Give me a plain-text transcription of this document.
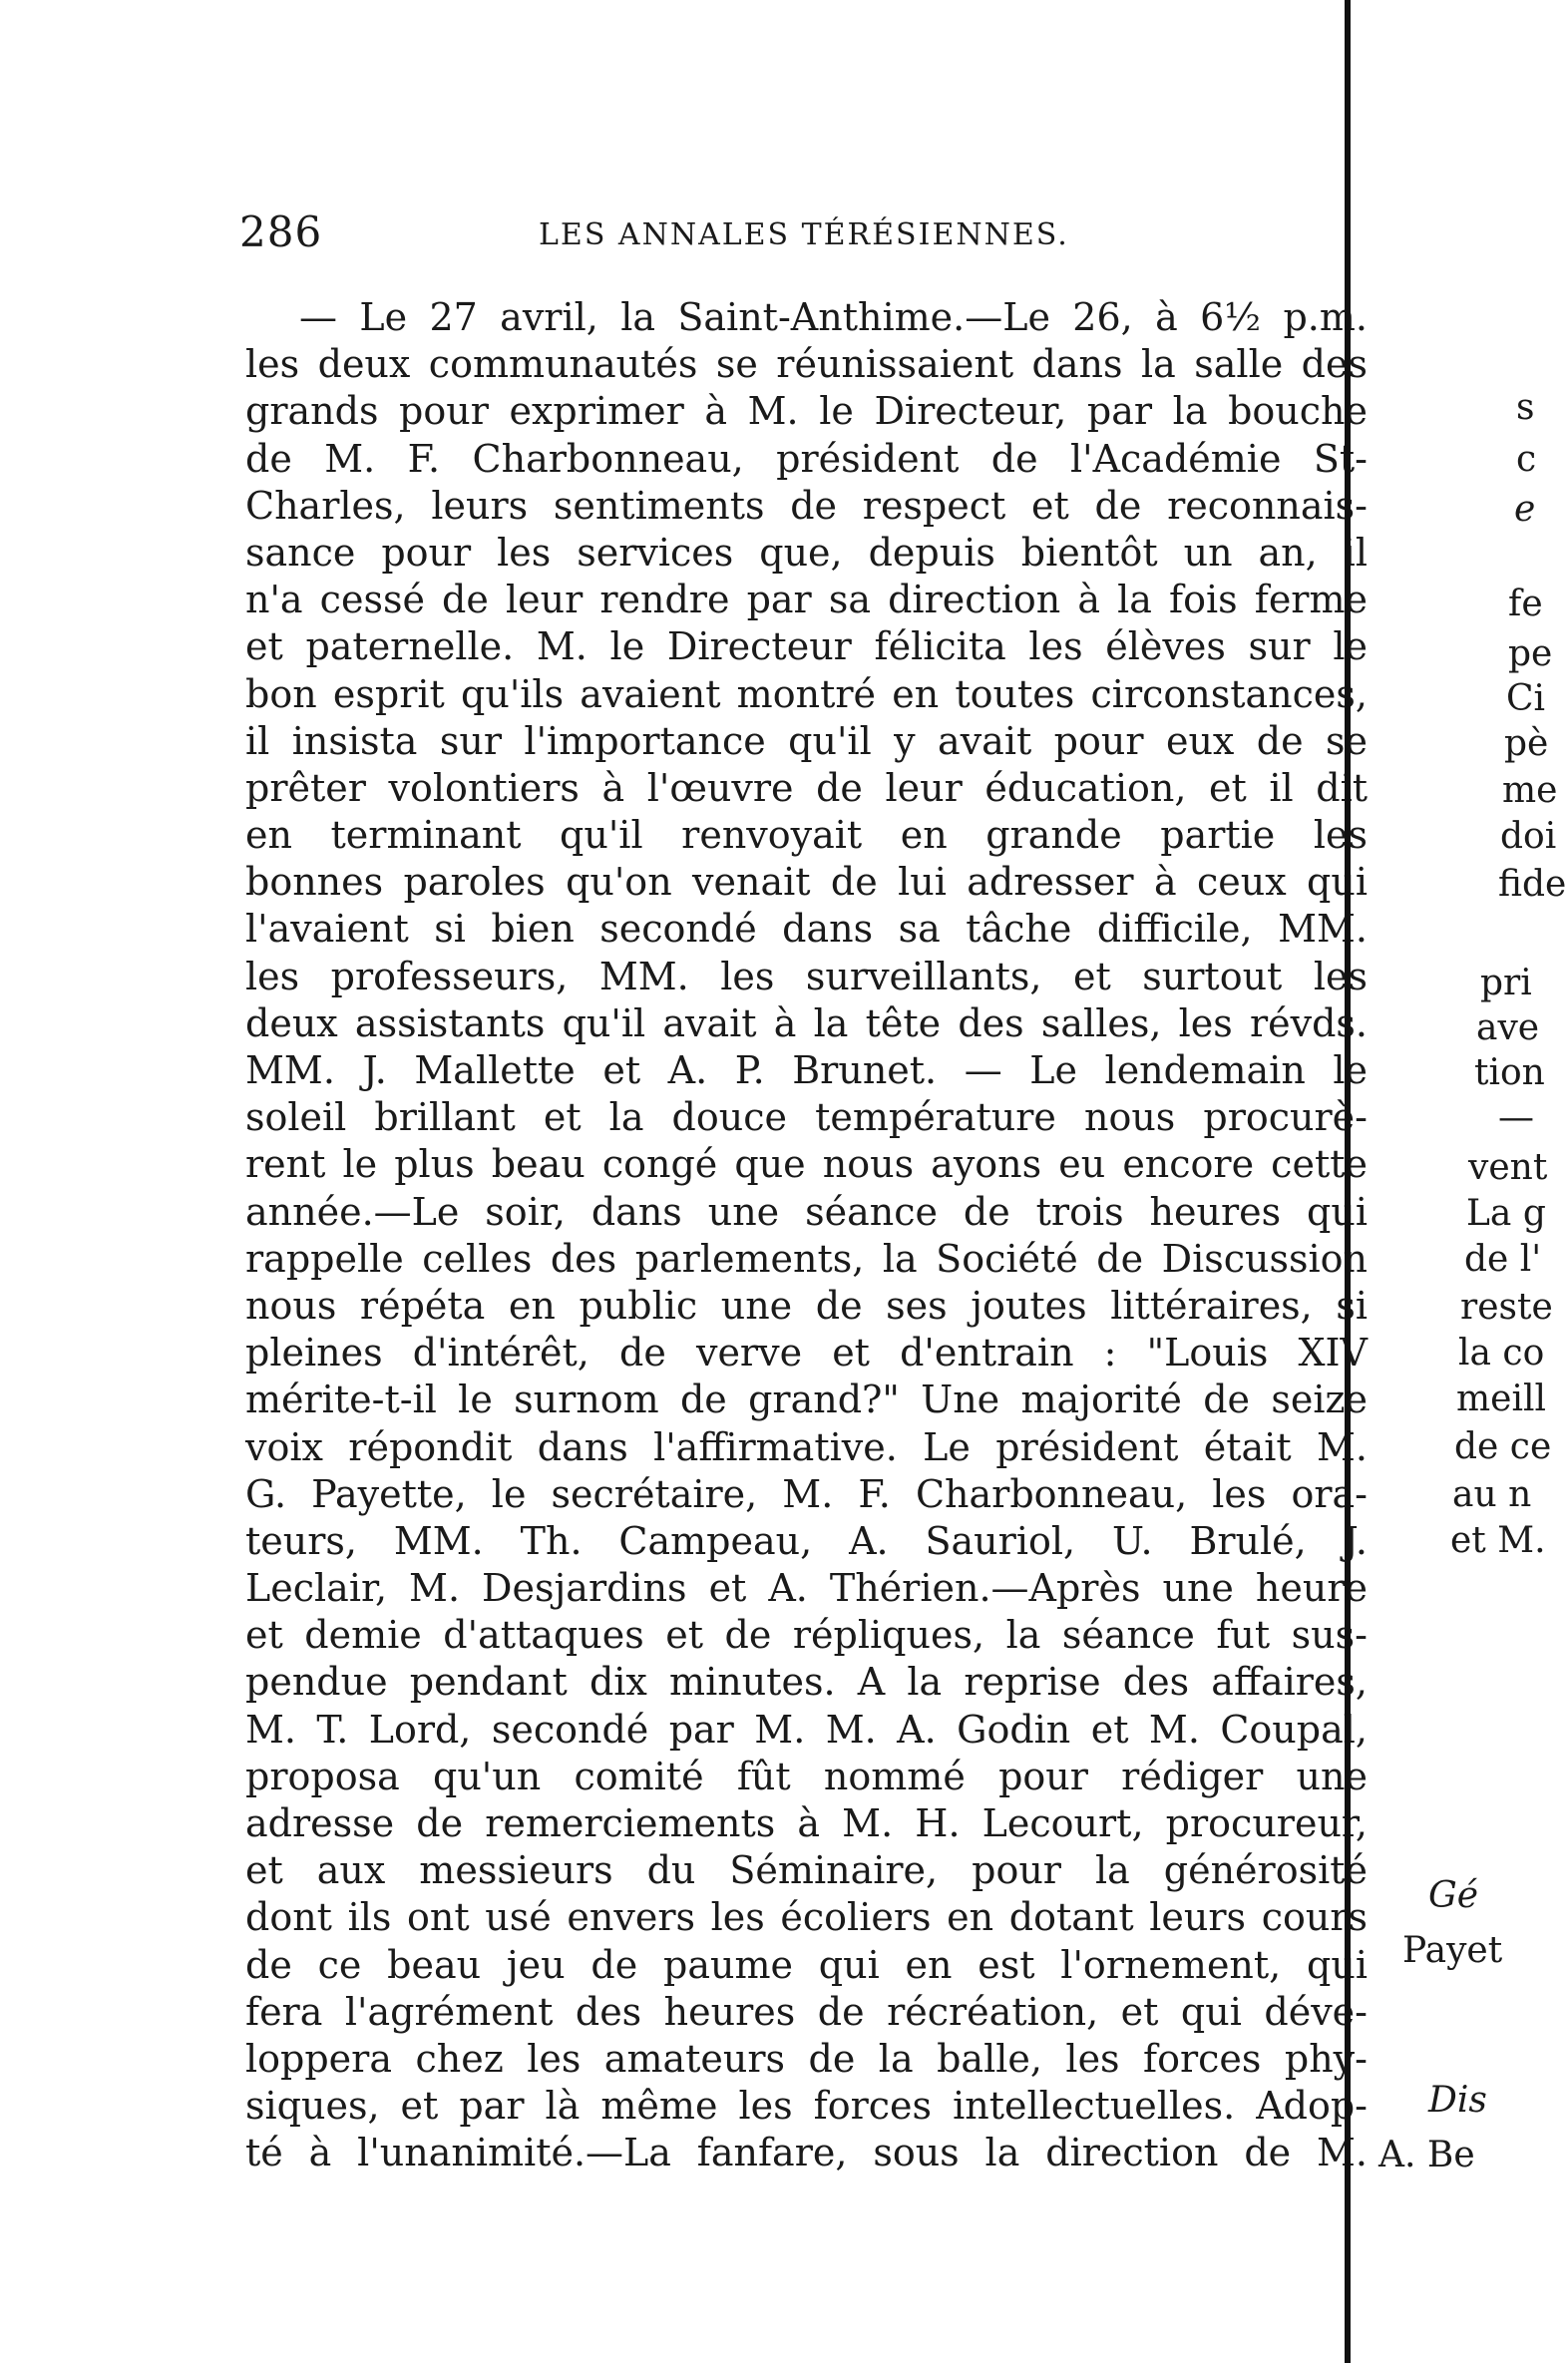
286	LES ANNALES TÉRÉSIENNES.
— Le 27 avril, la Saint-Anthime.—Le 26, à 6½ p.m.
les deux communautés se réunissaient dans la salle des
grands pour exprimer à M. le Directeur, par la bouche
de M. F. Charbonneau, président de l'Académie St-
Charles, leurs sentiments de respect et de reconnais-
sance pour les services que, depuis bientôt un an, il
n'a cessé de leur rendre par sa direction à la fois ferme
et paternelle. M. le Directeur félicita les élèves sur le
bon esprit qu'ils avaient montré en toutes circonstances,
il insista sur l'importance qu'il y avait pour eux de se
prêter volontiers à l'œuvre de leur éducation, et il dit
en terminant qu'il renvoyait en grande partie les
bonnes paroles qu'on venait de lui adresser à ceux qui
l'avaient si bien secondé dans sa tâche difficile, MM.
les professeurs, MM. les surveillants, et surtout les
deux assistants qu'il avait à la tête des salles, les révds.
MM. J. Mallette et A. P. Brunet. — Le lendemain le
soleil brillant et la douce température nous procurè-
rent le plus beau congé que nous ayons eu encore cette
année.—Le soir, dans une séance de trois heures qui
rappelle celles des parlements, la Société de Discussion
nous répéta en public une de ses joutes littéraires, si
pleines d'intérêt, de verve et d'entrain : "Louis XIV
mérite-t-il le surnom de grand?" Une majorité de seize
voix répondit dans l'affirmative. Le président était M.
G. Payette, le secrétaire, M. F. Charbonneau, les ora-
teurs, MM. Th. Campeau, A. Sauriol, U. Brulé, J.
Leclair, M. Desjardins et A. Thérien.—Après une heure
et demie d'attaques et de répliques, la séance fut sus-
pendue pendant dix minutes. A la reprise des affaires,
M. T. Lord, secondé par M. M. A. Godin et M. Coupal,
proposa qu'un comité fût nommé pour rédiger une
adresse de remerciements à M. H. Lecourt, procureur,
et aux messieurs du Séminaire, pour la générosité
dont ils ont usé envers les écoliers en dotant leurs cours
de ce beau jeu de paume qui en est l'ornement, qui
fera l'agrément des heures de récréation, et qui déve-
loppera chez les amateurs de la balle, les forces phy-
siques, et par là même les forces intellectuelles. Adop-
té à l'unanimité.—La fanfare, sous la direction de M.
s
c
e
fe
pe
Ci
pè
me
doi
fide
pri
ave
tion
—
vent
La g
de l'
reste
la co
meill
de ce
au n
et M.
Gé
Payet
Dis
A. Be
